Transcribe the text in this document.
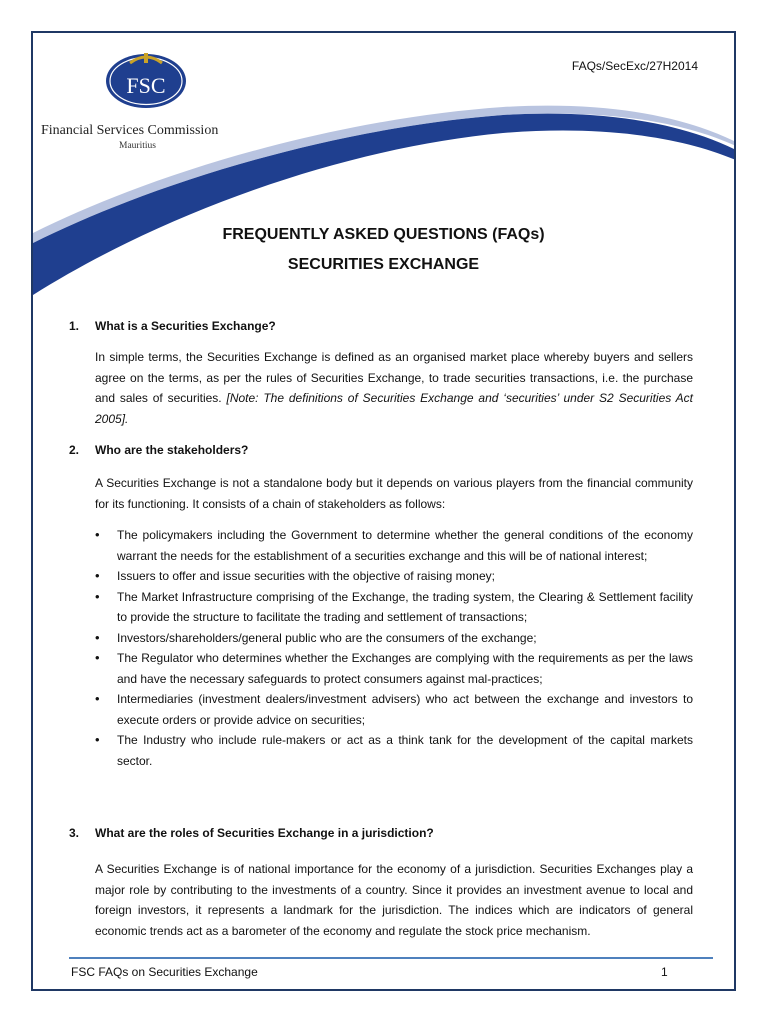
FSC
Financial Services Commission
Mauritius
FAQs/SecExc/27H2014
FREQUENTLY ASKED QUESTIONS (FAQs)
SECURITIES EXCHANGE
1. What is a Securities Exchange?

In simple terms, the Securities Exchange is defined as an organised market place whereby buyers and sellers agree on the terms, as per the rules of Securities Exchange, to trade securities transactions, i.e. the purchase and sales of securities. [Note: The definitions of Securities Exchange and ‘securities’ under S2 Securities Act 2005].

2. Who are the stakeholders?

A Securities Exchange is not a standalone body but it depends on various players from the financial community for its functioning. It consists of a chain of stakeholders as follows:

• The policymakers including the Government to determine whether the general conditions of the economy warrant the needs for the establishment of a securities exchange and this will be of national interest;
• Issuers to offer and issue securities with the objective of raising money;
• The Market Infrastructure comprising of the Exchange, the trading system, the Clearing & Settlement facility to provide the structure to facilitate the trading and settlement of transactions;
• Investors/shareholders/general public who are the consumers of the exchange;
• The Regulator who determines whether the Exchanges are complying with the requirements as per the laws and have the necessary safeguards to protect consumers against mal-practices;
• Intermediaries (investment dealers/investment advisers) who act between the exchange and investors to execute orders or provide advice on securities;
• The Industry who include rule-makers or act as a think tank for the development of the capital markets sector.
3. What are the roles of Securities Exchange in a jurisdiction?

A Securities Exchange is of national importance for the economy of a jurisdiction. Securities Exchanges play a major role by contributing to the investments of a country. Since it provides an investment avenue to local and foreign investors, it represents a landmark for the jurisdiction. The indices which are indicators of general economic trends act as a barometer of the economy and regulate the stock price mechanism.

FSC FAQs on Securities Exchange	1
